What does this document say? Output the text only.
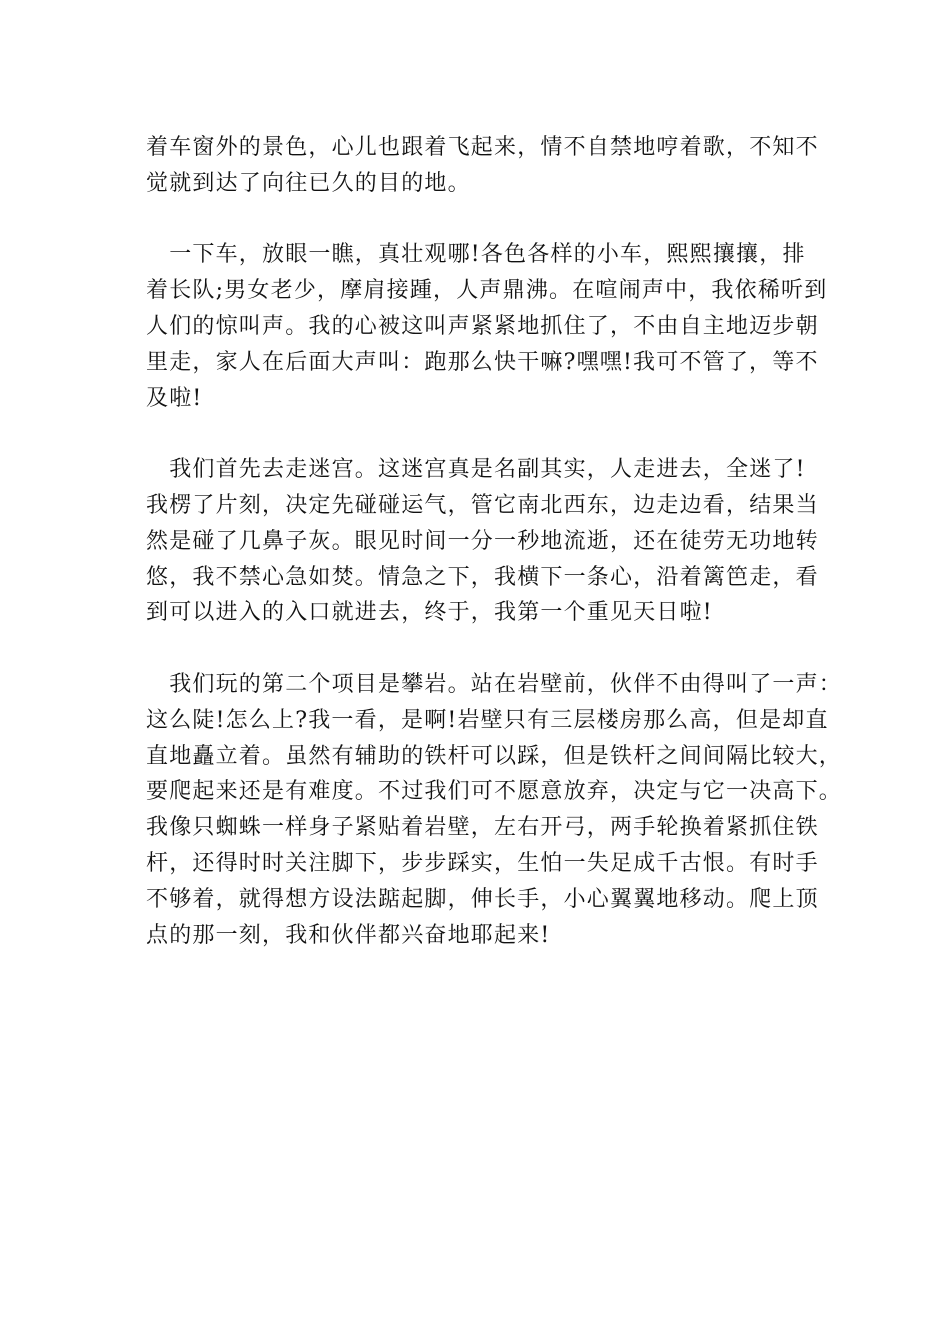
着车窗外的景色，心儿也跟着飞起来，情不自禁地哼着歌，不知不

觉就到达了向往已久的目的地。

　一下车，放眼一瞧，真壮观哪!各色各样的小车，熙熙攘攘，排

着长队;男女老少，摩肩接踵，人声鼎沸。在喧闹声中，我依稀听到

人们的惊叫声。我的心被这叫声紧紧地抓住了，不由自主地迈步朝

里走，家人在后面大声叫：跑那么快干嘛?嘿嘿!我可不管了，等不

及啦!

　我们首先去走迷宫。这迷宫真是名副其实，人走进去，全迷了!

我楞了片刻，决定先碰碰运气，管它南北西东，边走边看，结果当

然是碰了几鼻子灰。眼见时间一分一秒地流逝，还在徒劳无功地转

悠，我不禁心急如焚。情急之下，我横下一条心，沿着篱笆走，看

到可以进入的入口就进去，终于，我第一个重见天日啦!

　我们玩的第二个项目是攀岩。站在岩壁前，伙伴不由得叫了一声：

这么陡!怎么上?我一看，是啊!岩壁只有三层楼房那么高，但是却直

直地矗立着。虽然有辅助的铁杆可以踩，但是铁杆之间间隔比较大，

要爬起来还是有难度。不过我们可不愿意放弃，决定与它一决高下。

我像只蜘蛛一样身子紧贴着岩壁，左右开弓，两手轮换着紧抓住铁

杆，还得时时关注脚下，步步踩实，生怕一失足成千古恨。有时手

不够着，就得想方设法踮起脚，伸长手，小心翼翼地移动。爬上顶

点的那一刻，我和伙伴都兴奋地耶起来!
